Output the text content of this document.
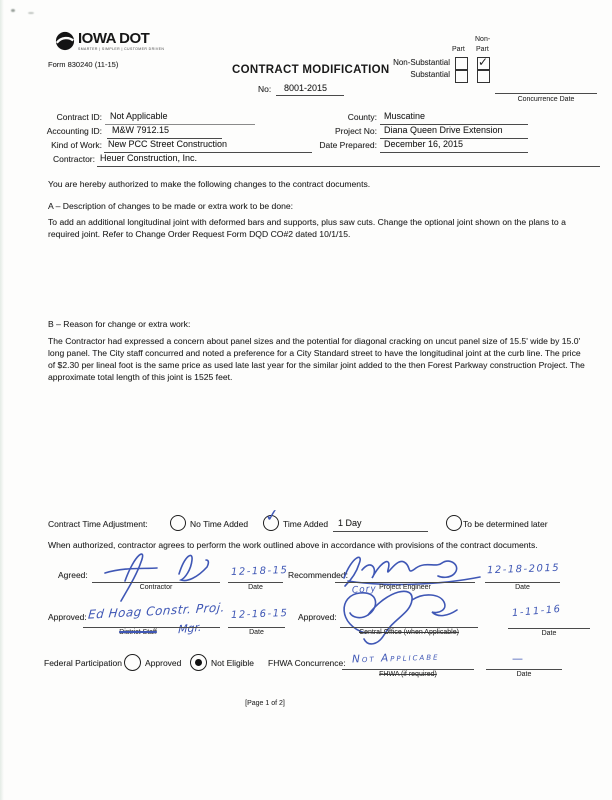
IOWA DOT
SMARTER | SIMPLER | CUSTOMER DRIVEN
Form 830240 (11-15)	CONTRACT MODIFICATION
No: 8001-2015
Non-
Part Part
Non-Substantial ✓
Substantial
Concurrence Date
Contract ID: Not Applicable
Accounting ID: M&W 7912.15
Kind of Work: New PCC Street Construction
Contractor: Heuer Construction, Inc.
County: Muscatine
Project No: Diana Queen Drive Extension
Date Prepared: December 16, 2015
You are hereby authorized to make the following changes to the contract documents.
A – Description of changes to be made or extra work to be done:
To add an additional longitudinal joint with deformed bars and supports, plus saw cuts. Change the optional joint shown on the plans to a required joint. Refer to Change Order Request Form DQD CO#2 dated 10/1/15.
B – Reason for change or extra work:
The Contractor had expressed a concern about panel sizes and the potential for diagonal cracking on uncut panel size of 15.5' wide by 15.0' long panel. The City staff concurred and noted a preference for a City Standard street to have the longitudinal joint at the curb line. The price of $2.30 per lineal foot is the same price as used late last year for the similar joint added to the then Forest Parkway construction Project. The approximate total length of this joint is 1525 feet.
Contract Time Adjustment:	No Time Added ✓ Time Added 1 Day	To be determined later
When authorized, contractor agrees to perform the work outlined above in accordance with provisions of the contract documents.
Agreed:
Contractor
12-18-15
Date
Recommended:
Cory Project Engineer
12-18-2015
Date
Approved: Ed Hoag Constr. Proj.
Mgr.
District Staff
12-16-15
Date
Approved:
Central Office (when Applicable)
1-11-16
Date
Federal Participation	Approved	Not Eligible FHWA Concurrence: Not Applicabe
FHWA (if required)
—
Date
[Page 1 of 2]
